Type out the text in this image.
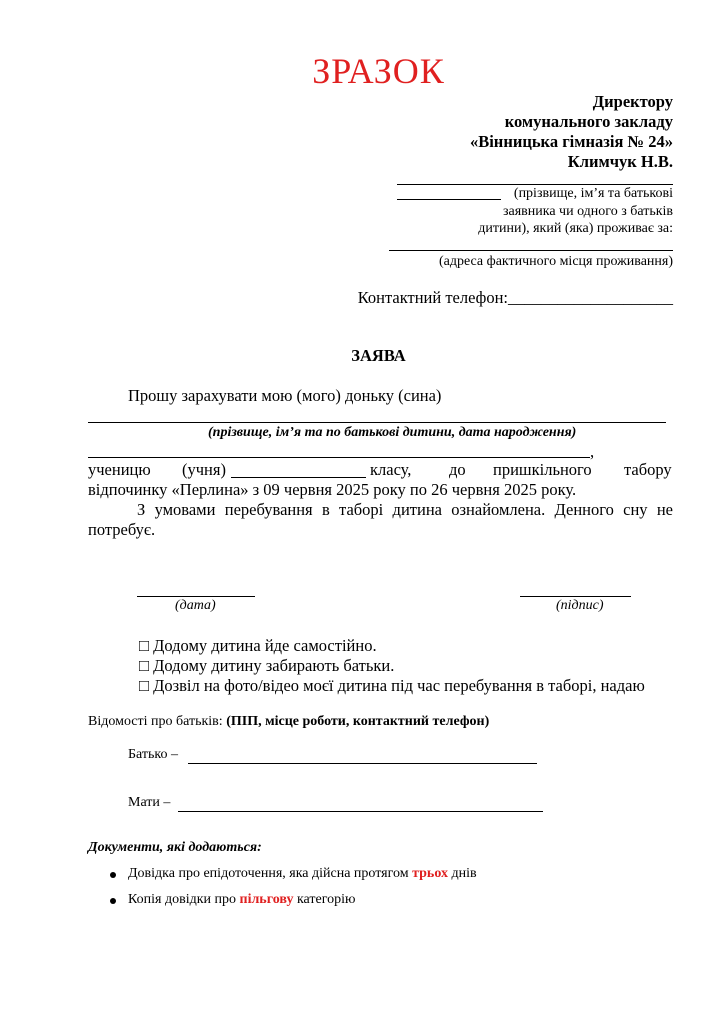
ЗРАЗОК
Директору
комунального закладу
«Вінницька гімназія № 24»
Климчук Н.В.
(прізвище, ім’я та батькові
заявника чи одного з батьків
дитини), який (яка) проживає за:
(адреса фактичного місця проживання)
Контактний телефон:____________________
ЗАЯВА
Прошу зарахувати мою (мого) доньку (сина)
(прізвище, ім’я та по батькові дитини, дата народження)
,
ученицю (учня)	класу, до пришкільного табору
відпочинку «Перлина» з 09 червня 2025 року по 26 червня 2025 року.
З умовами перебування в таборі дитина ознайомлена. Денного сну не
потребує.
(дата)	(підпис)
□ Додому дитина йде самостійно.
□ Додому дитину забирають батьки.
□ Дозвіл на фото/відео моєї дитина під час перебування в таборі, надаю
Відомості про батьків: (ПІП, місце роботи, контактний телефон)
Батько –
Мати –
Документи, які додаються:
Довідка про епідоточення, яка дійсна протягом трьох днів
Копія довідки про пільгову категорію
